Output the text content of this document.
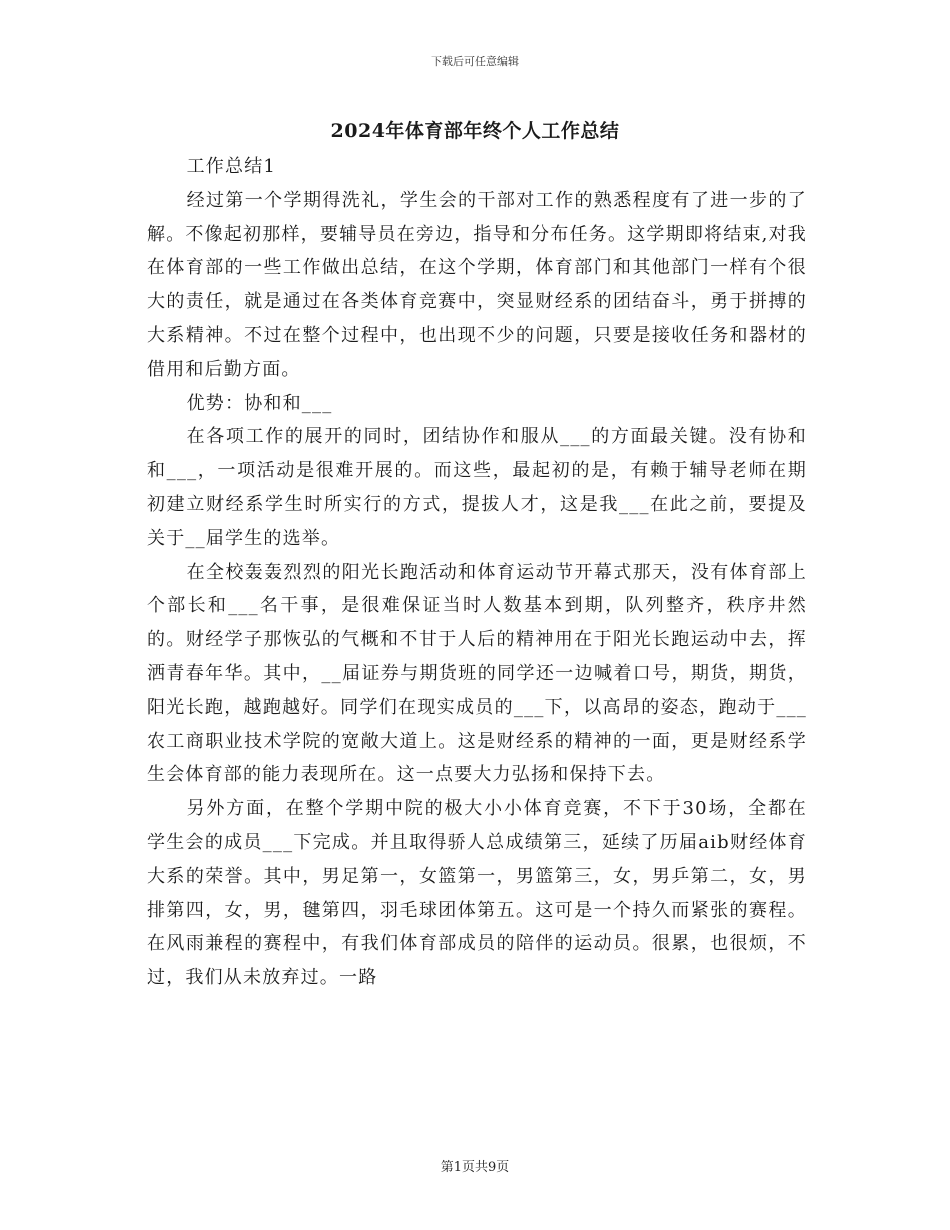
下载后可任意编辑
2024年体育部年终个人工作总结

工作总结1

经过第一个学期得洗礼，学生会的干部对工作的熟悉程度有了进一步的了解。不像起初那样，要辅导员在旁边，指导和分布任务。这学期即将结束,对我在体育部的一些工作做出总结，在这个学期，体育部门和其他部门一样有个很大的责任，就是通过在各类体育竞赛中，突显财经系的团结奋斗，勇于拼搏的大系精神。不过在整个过程中，也出现不少的问题，只要是接收任务和器材的借用和后勤方面。

优势：协和和___

在各项工作的展开的同时，团结协作和服从___的方面最关键。没有协和和___，一项活动是很难开展的。而这些，最起初的是，有赖于辅导老师在期初建立财经系学生时所实行的方式，提拔人才，这是我___在此之前，要提及关于__届学生的选举。

在全校轰轰烈烈的阳光长跑活动和体育运动节开幕式那天，没有体育部上个部长和___名干事，是很难保证当时人数基本到期，队列整齐，秩序井然的。财经学子那恢弘的气概和不甘于人后的精神用在于阳光长跑运动中去，挥洒青春年华。其中，__届证券与期货班的同学还一边喊着口号，期货，期货，阳光长跑，越跑越好。同学们在现实成员的___下，以高昂的姿态，跑动于___农工商职业技术学院的宽敞大道上。这是财经系的精神的一面，更是财经系学生会体育部的能力表现所在。这一点要大力弘扬和保持下去。

另外方面，在整个学期中院的极大小小体育竞赛，不下于30场，全都在学生会的成员___下完成。并且取得骄人总成绩第三，延续了历届aib财经体育大系的荣誉。其中，男足第一，女篮第一，男篮第三，女，男乒第二，女，男排第四，女，男，毽第四，羽毛球团体第五。这可是一个持久而紧张的赛程。在风雨兼程的赛程中，有我们体育部成员的陪伴的运动员。很累，也很烦，不过，我们从未放弃过。一路

第1页共9页
